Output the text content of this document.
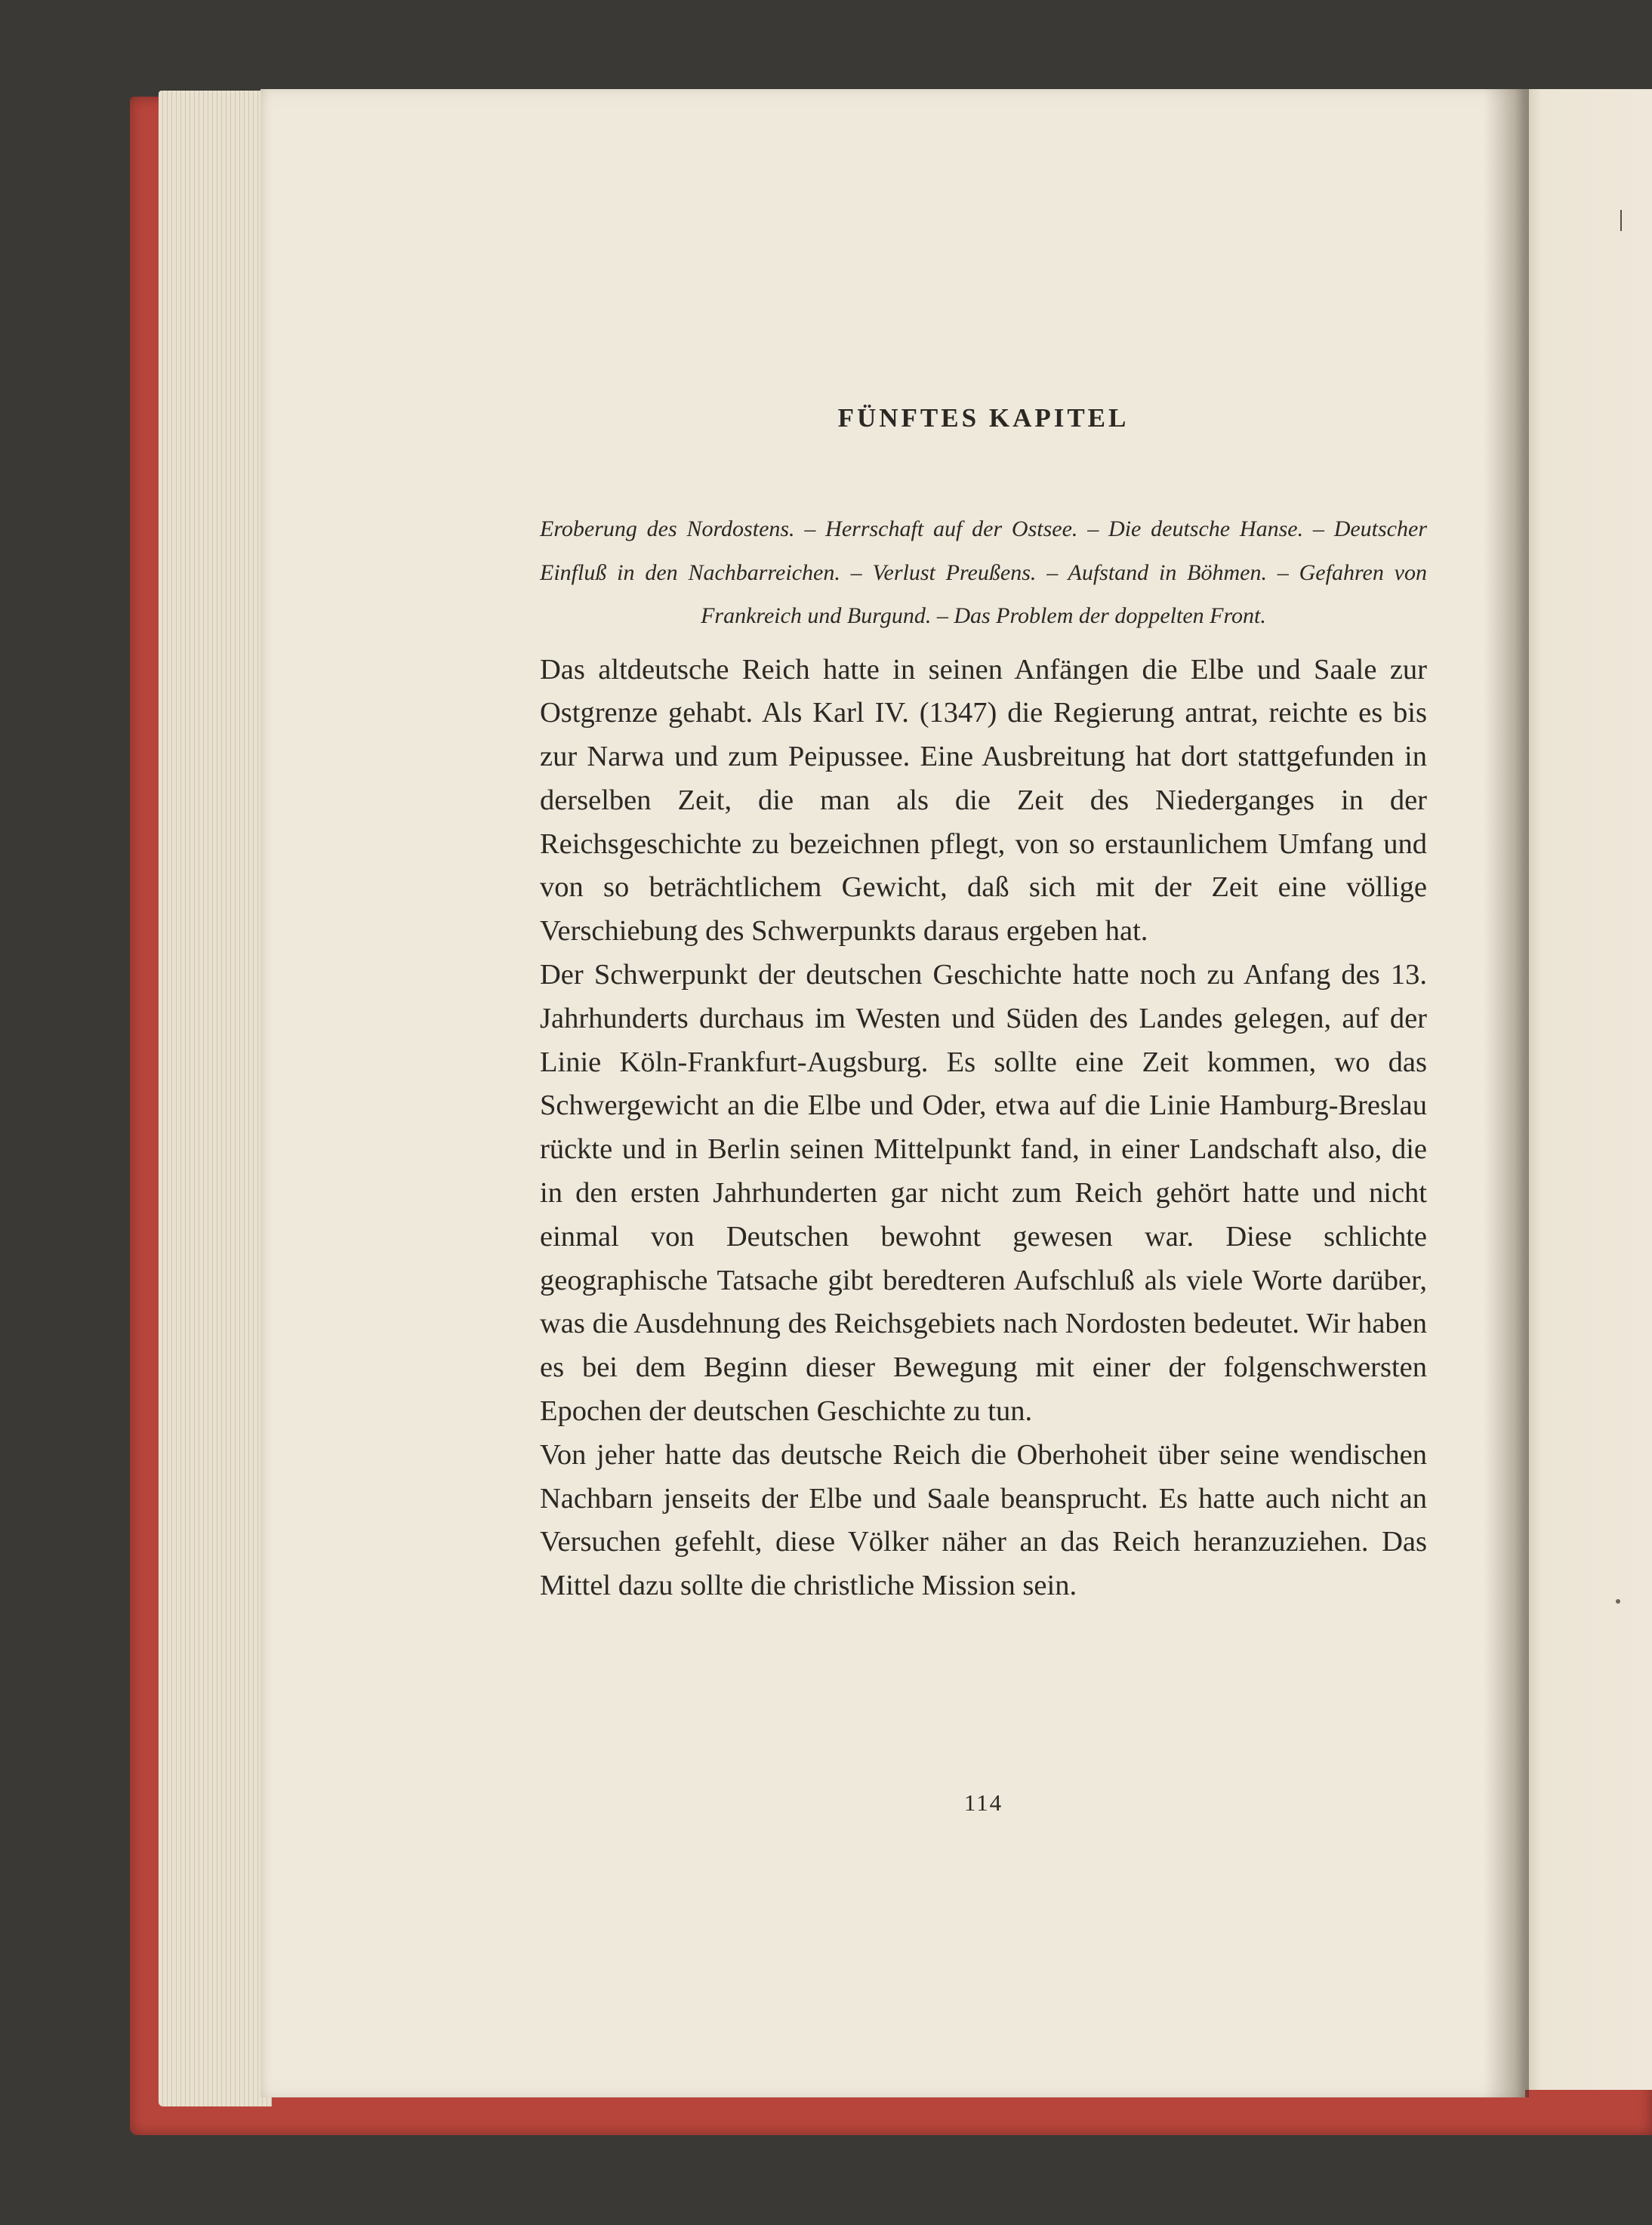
FÜNFTES KAPITEL
Eroberung des Nordostens. – Herrschaft auf der Ostsee. – Die deutsche Hanse. – Deutscher Einfluß in den Nachbarreichen. – Verlust Preußens. – Aufstand in Böhmen. – Gefahren von Frankreich und Burgund. – Das Problem der doppelten Front.

Das altdeutsche Reich hatte in seinen Anfängen die Elbe und Saale zur Ostgrenze gehabt. Als Karl IV. (1347) die Regierung antrat, reichte es bis zur Narwa und zum Peipussee. Eine Ausbreitung hat dort stattgefunden in derselben Zeit, die man als die Zeit des Niederganges in der Reichsgeschichte zu bezeichnen pflegt, von so erstaunlichem Umfang und von so beträchtlichem Gewicht, daß sich mit der Zeit eine völlige Verschiebung des Schwerpunkts daraus ergeben hat.

Der Schwerpunkt der deutschen Geschichte hatte noch zu Anfang des 13. Jahrhunderts durchaus im Westen und Süden des Landes gelegen, auf der Linie Köln-Frankfurt-Augsburg. Es sollte eine Zeit kommen, wo das Schwergewicht an die Elbe und Oder, etwa auf die Linie Hamburg-Breslau rückte und in Berlin seinen Mittelpunkt fand, in einer Landschaft also, die in den ersten Jahrhunderten gar nicht zum Reich gehört hatte und nicht einmal von Deutschen bewohnt gewesen war. Diese schlichte geographische Tatsache gibt beredteren Aufschluß als viele Worte darüber, was die Ausdehnung des Reichsgebiets nach Nordosten bedeutet. Wir haben es bei dem Beginn dieser Bewegung mit einer der folgenschwersten Epochen der deutschen Geschichte zu tun.

Von jeher hatte das deutsche Reich die Oberhoheit über seine wendischen Nachbarn jenseits der Elbe und Saale beansprucht. Es hatte auch nicht an Versuchen gefehlt, diese Völker näher an das Reich heranzuziehen. Das Mittel dazu sollte die christliche Mission sein.

114
